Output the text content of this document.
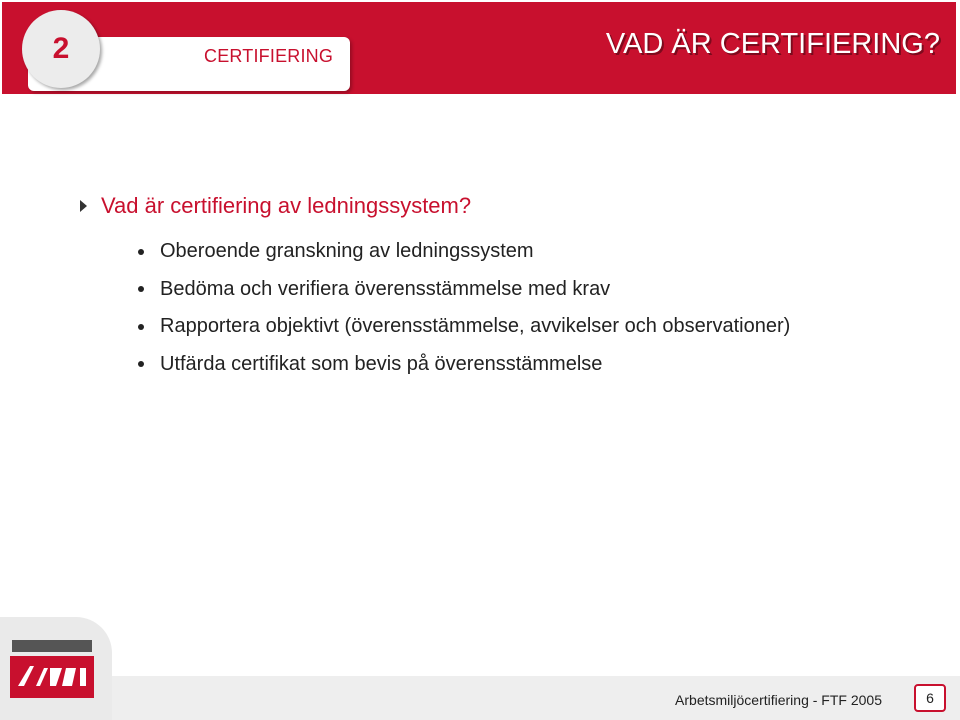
CERTIFIERING
2	VAD ÄR CERTIFIERING?
Vad är certifiering av ledningssystem?
Oberoende granskning av ledningssystem
Bedöma och verifiera överensstämmelse med krav
Rapportera objektivt (överensstämmelse, avvikelser och observationer)
Utfärda certifikat som bevis på överensstämmelse
Arbetsmiljöcertifiering - FTF 2005	6
